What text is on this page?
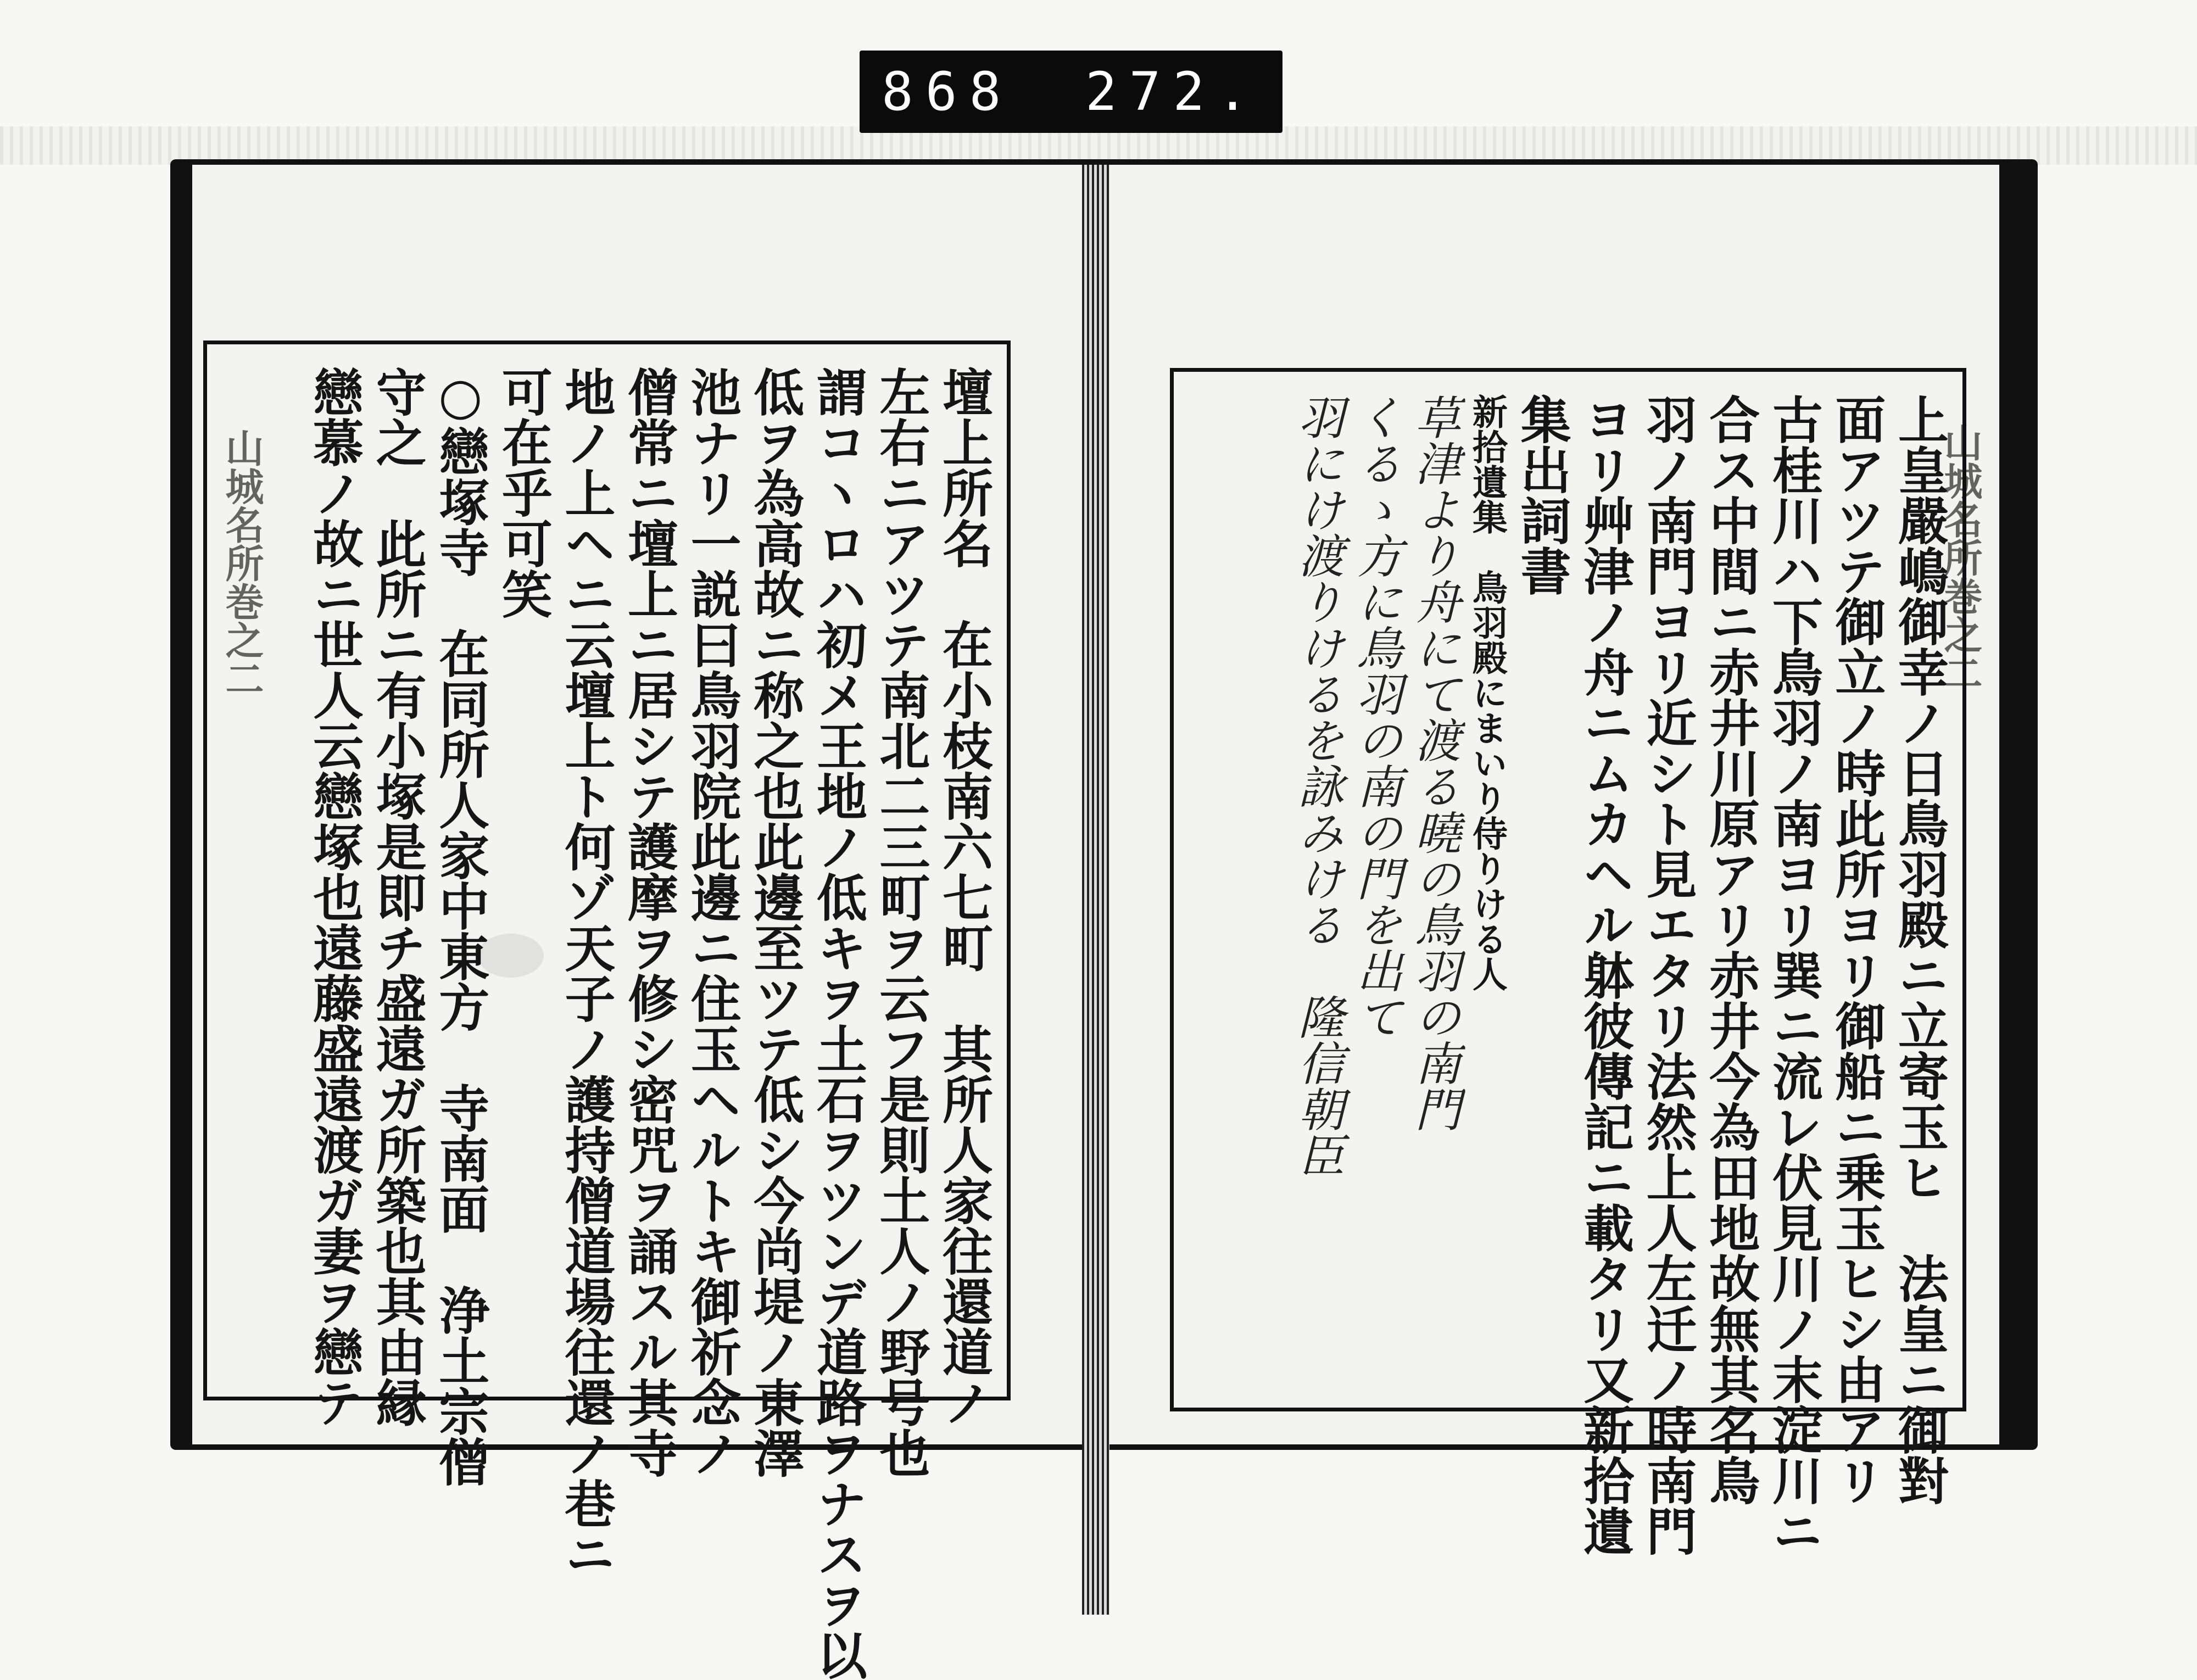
868 272.
山城名所巻之二	壇上所名　在小枝南六七町　其所人家往還道ノ
左右ニアツテ南北二三町ヲ云フ是則土人ノ野号也
謂コヽロハ初メ王地ノ低キヲ土石ヲツンデ道路ヲナスヲ以
低ヲ為高故ニ称之也此邊至ツテ低シ今尚堤ノ東澤
池ナリ一説曰鳥羽院此邊ニ住玉ヘルトキ御祈念ノ
僧常ニ壇上ニ居シテ護摩ヲ修シ密咒ヲ誦スル其寺
地ノ上ヘニ云壇上ト何ゾ天子ノ護持僧道場往還ノ巷ニ
可在乎可笑
○戀塚寺　在同所人家中東方　寺南面　浄土宗僧
守之　此所ニ有小塚是即チ盛遠ガ所築也其由縁
戀慕ノ故ニ世人云戀塚也遠藤盛遠渡ガ妻ヲ戀テ	山城名所巻之二
上皇嚴嶋御幸ノ日鳥羽殿ニ立寄玉ヒ　法皇ニ御對
面アツテ御立ノ時此所ヨリ御船ニ乗玉ヒシ由アリ
古桂川ハ下鳥羽ノ南ヨリ巽ニ流レ伏見川ノ末淀川ニ
合ス中間ニ赤井川原アリ赤井今為田地故無其名鳥
羽ノ南門ヨリ近シト見エタリ法然上人左迁ノ時南門
ヨリ艸津ノ舟ニムカヘル躰彼傳記ニ載タリ又新拾遺
集出詞書
新拾遺集　鳥羽殿にまいり侍りける人
草津より舟にて渡る曉の鳥羽の南門
くるゝ方に鳥羽の南の門を出て
羽にけ渡りけるを詠みける　隆信朝臣
